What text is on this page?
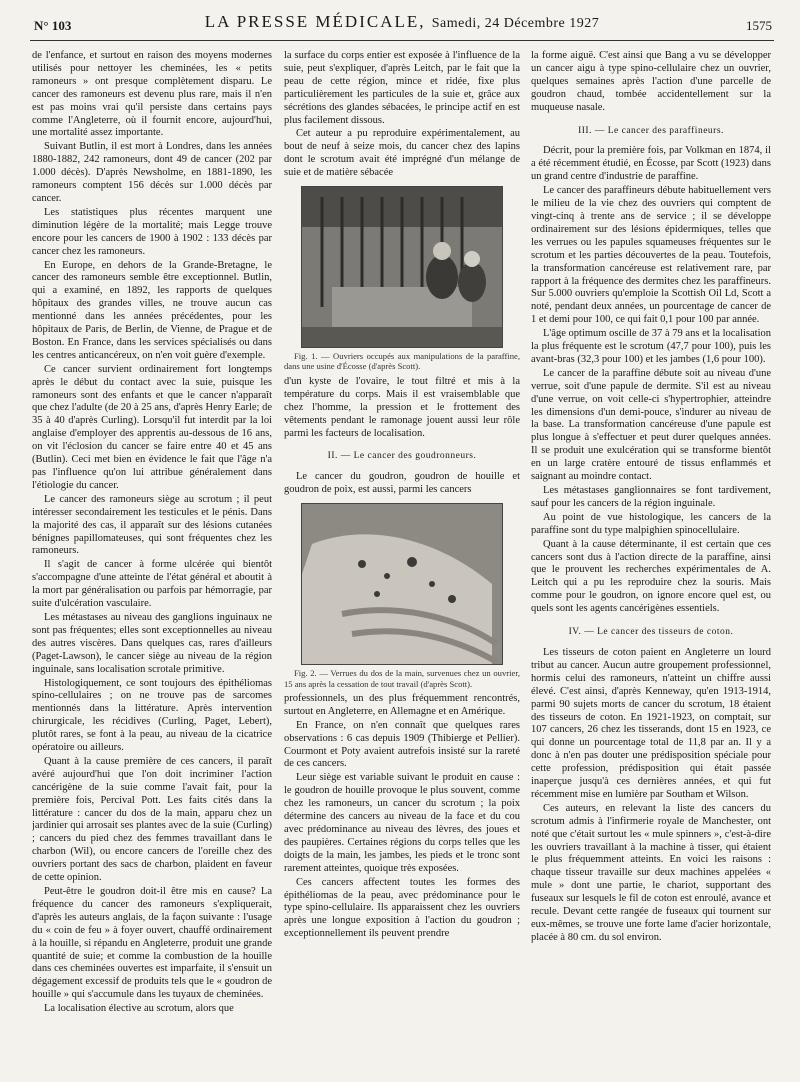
N° 103	LA PRESSE MÉDICALE, Samedi, 24 Décembre 1927	1575

de l'enfance, et surtout en raison des moyens modernes utilisés pour nettoyer les cheminées, les « petits ramoneurs » ont presque complètement disparu. Le cancer des ramoneurs est devenu plus rare, mais il n'en est pas moins vrai qu'il persiste dans certains pays comme l'Angleterre, où il fournit encore, aujourd'hui, une mortalité assez importante.

Suivant Butlin, il est mort à Londres, dans les années 1880-1882, 242 ramoneurs, dont 49 de cancer (202 par 1.000 décès). D'après Newsholme, en 1881-1890, les ramoneurs comptent 156 décès sur 1.000 décès par cancer.

Les statistiques plus récentes marquent une diminution légère de la mortalité; mais Legge trouve encore pour les cancers de 1900 à 1902 : 133 décès par cancer chez les ramoneurs.

En Europe, en dehors de la Grande-Bretagne, le cancer des ramoneurs semble être exceptionnel. Butlin, qui a examiné, en 1892, les rapports de quelques hôpitaux des grandes villes, ne trouve aucun cas mentionné dans les années précédentes, pour les hôpitaux de Paris, de Berlin, de Vienne, de Prague et de Boston. En France, dans les services spécialisés ou dans les centres anticancéreux, on n'en voit guère d'exemple.

Ce cancer survient ordinairement fort longtemps après le début du contact avec la suie, puisque les ramoneurs sont des enfants et que le cancer n'apparaît que chez l'adulte (de 20 à 25 ans, d'après Henry Earle; de 35 à 40 d'après Curling). Lorsqu'il fut interdit par la loi anglaise d'employer des apprentis au-dessous de 16 ans, on vit l'éclosion du cancer se faire entre 40 et 45 ans (Butlin). Ceci met bien en évidence le fait que l'âge n'a pas l'influence qu'on lui attribue généralement dans l'étiologie du cancer.

Le cancer des ramoneurs siège au scrotum ; il peut intéresser secondairement les testicules et le pénis. Dans la majorité des cas, il apparaît sur des lésions cutanées bénignes papillomateuses, qui sont fréquentes chez les ramoneurs.

Il s'agit de cancer à forme ulcérée qui bientôt s'accompagne d'une atteinte de l'état général et aboutit à la mort par généralisation ou parfois par hémorragie, par suite d'ulcération vasculaire.

Les métastases au niveau des ganglions inguinaux ne sont pas fréquentes; elles sont exceptionnelles au niveau des autres viscères. Dans quelques cas, rares d'ailleurs (Paget-Lawson), le cancer siège au niveau de la région inguinale, sans localisation scrotale primitive.

Histologiquement, ce sont toujours des épithéliomas spino-cellulaires ; on ne trouve pas de sarcomes mentionnés dans la littérature. Après intervention chirurgicale, les récidives (Curling, Paget, Lebert), plutôt rares, se font à la peau, au niveau de la cicatrice opératoire ou ailleurs.

Quant à la cause première de ces cancers, il paraît avéré aujourd'hui que l'on doit incriminer l'action cancérigène de la suie comme l'avait fait, pour la première fois, Percival Pott. Les faits cités dans la littérature : cancer du dos de la main, apparu chez un jardinier qui arrosait ses plantes avec de la suie (Curling) ; cancers du pied chez des femmes travaillant dans le charbon (Wil), ou encore cancers de l'oreille chez des ouvriers portant des sacs de charbon, plaident en faveur de cette opinion.

Peut-être le goudron doit-il être mis en cause? La fréquence du cancer des ramoneurs s'expliquerait, d'après les auteurs anglais, de la façon suivante : l'usage du « coin de feu » à foyer ouvert, chauffé ordinairement à la houille, si répandu en Angleterre, produit une grande quantité de suie; et comme la combustion de la houille dans ces cheminées ouvertes est imparfaite, il s'ensuit un dégagement excessif de produits tels que le « goudron de houille » qui s'accumule dans les tuyaux de cheminées.

La localisation élective au scrotum, alors que

la surface du corps entier est exposée à l'influence de la suie, peut s'expliquer, d'après Leitch, par le fait que la peau de cette région, mince et ridée, fixe plus particulièrement les particules de la suie et, grâce aux sécrétions des glandes sébacées, le principe actif en est plus facilement dissous.

Cet auteur a pu reproduire expérimentalement, au bout de neuf à seize mois, du cancer chez des lapins dont le scrotum avait été imprégné d'un mélange de suie et de matière sébacée

Fig. 1. — Ouvriers occupés aux manipulations de la paraffine, dans une usine d'Écosse (d'après Scott).

d'un kyste de l'ovaire, le tout filtré et mis à la température du corps. Mais il est vraisemblable que chez l'homme, la pression et le frottement des vêtements pendant le ramonage jouent aussi leur rôle parmi les facteurs de localisation.

II. — Le cancer des goudronneurs.

Le cancer du goudron, goudron de houille et goudron de poix, est aussi, parmi les cancers

Fig. 2. — Verrues du dos de la main, survenues chez un ouvrier, 15 ans après la cessation de tout travail (d'après Scott).

professionnels, un des plus fréquemment rencontrés, surtout en Angleterre, en Allemagne et en Amérique.

En France, on n'en connaît que quelques rares observations : 6 cas depuis 1909 (Thibierge et Pellier). Courmont et Poty avaient autrefois insisté sur la rareté de ces cancers.

Leur siège est variable suivant le produit en cause : le goudron de houille provoque le plus souvent, comme chez les ramoneurs, un cancer du scrotum ; la poix détermine des cancers au niveau de la face et du cou avec prédominance au niveau des lèvres, des joues et des paupières. Certaines régions du corps telles que les doigts de la main, les jambes, les pieds et le tronc sont rarement atteintes, quoique très exposées.

Ces cancers affectent toutes les formes des épithéliomas de la peau, avec prédominance pour le type spino-cellulaire. Ils apparaissent chez les ouvriers après une longue exposition à l'action du goudron ; exceptionnellement ils peuvent prendre

la forme aiguë. C'est ainsi que Bang a vu se développer un cancer aigu à type spino-cellulaire chez un ouvrier, quelques semaines après l'action d'une parcelle de goudron chaud, tombée accidentellement sur la muqueuse nasale.

III. — Le cancer des paraffineurs.

Décrit, pour la première fois, par Volkman en 1874, il a été récemment étudié, en Écosse, par Scott (1923) dans un grand centre d'industrie de paraffine.

Le cancer des paraffineurs débute habituellement vers le milieu de la vie chez des ouvriers qui comptent de vingt-cinq à trente ans de service ; il se développe ordinairement sur des lésions épidermiques, telles que les verrues ou les papules squameuses fréquentes sur le scrotum et les parties découvertes de la peau. Toutefois, la transformation cancéreuse est relativement rare, par rapport à la fréquence des dermites chez les paraffineurs. Sur 5.000 ouvriers qu'emploie la Scottish Oil Ld, Scott a noté, pendant deux années, un pourcentage de cancer de 1 et demi pour 100, ce qui fait 0,1 pour 100 par année.

L'âge optimum oscille de 37 à 79 ans et la localisation la plus fréquente est le scrotum (47,7 pour 100), puis les avant-bras (32,3 pour 100) et les jambes (1,6 pour 100).

Le cancer de la paraffine débute soit au niveau d'une verrue, soit d'une papule de dermite. S'il est au niveau d'une verrue, on voit celle-ci s'hypertrophier, atteindre les dimensions d'un demi-pouce, s'indurer au niveau de la base. La transformation cancéreuse d'une papule est plus longue à s'effectuer et peut durer quelques années. Il se produit une exulcération qui se transforme bientôt en un large cratère entouré de tissus enflammés et saignant au moindre contact.

Les métastases ganglionnaires se font tardivement, sauf pour les cancers de la région inguinale.

Au point de vue histologique, les cancers de la paraffine sont du type malpighien spinocellulaire.

Quant à la cause déterminante, il est certain que ces cancers sont dus à l'action directe de la paraffine, ainsi que le prouvent les recherches expérimentales de A. Leitch qui a pu les reproduire chez la souris. Mais comme pour le goudron, on ignore encore quel est, ou quels sont les agents cancérigènes essentiels.

IV. — Le cancer des tisseurs de coton.

Les tisseurs de coton paient en Angleterre un lourd tribut au cancer. Aucun autre groupement professionnel, hormis celui des ramoneurs, n'atteint un chiffre aussi élevé. C'est ainsi, d'après Kenneway, qu'en 1913-1914, parmi 90 sujets morts de cancer du scrotum, 18 étaient des tisseurs de coton. En 1921-1923, on comptait, sur 107 cancers, 26 chez les tisserands, dont 15 en 1923, ce qui donne un pourcentage total de 11,8 par an. Il y a donc à n'en pas douter une prédisposition spéciale pour cette profession, prédisposition qui était passée inaperçue jusqu'à ces dernières années, et qui fut récemment mise en lumière par Southam et Wilson.

Ces auteurs, en relevant la liste des cancers du scrotum admis à l'infirmerie royale de Manchester, ont noté que c'était surtout les « mule spinners », c'est-à-dire les ouvriers travaillant à la machine à tisser, qui étaient le plus fréquemment atteints. En voici les raisons : chaque tisseur travaille sur deux machines appelées « mule » dont une partie, le chariot, supportant des fuseaux sur lesquels le fil de coton est enroulé, avance et recule. Devant cette rangée de fuseaux qui tournent sur eux-mêmes, se trouve une forte lame d'acier horizontale, placée à 80 cm. du sol environ.
